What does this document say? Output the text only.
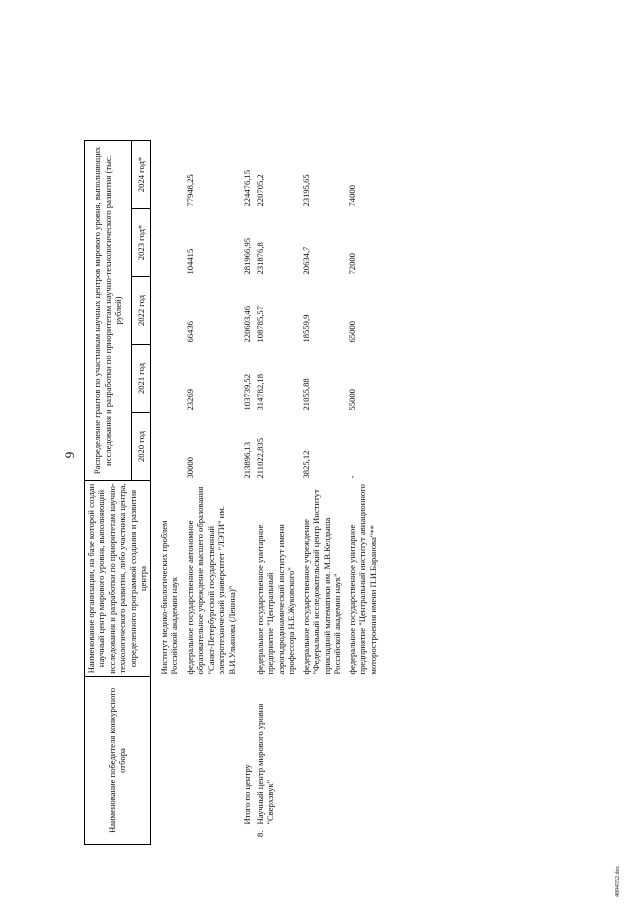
9
4894552.doc
Наименование победителя конкурсного отбора		Наименование организации, на базе которой создан научный центр мирового уровня, выполняющий исследования и разработки по приоритетам научно-технологического развития, либо участника центра, определенного программой создания и развития центра	Распределение грантов по участникам научных центров мирового уровня, выполняющих исследования и разработки по приоритетам научно-технологического развития (тыс. рублей)				
			2020 год	2021 год	2022 год	2023 год*	2024 год*
		Институт медико-биологических проблем Российской академии наук					
		федеральное государственное автономное образовательное учреждение высшего образования "Санкт-Петербургский государственный электротехнический университет "ЛЭТИ" им. В.И.Ульянова (Ленина)"	30000	23269	66436	104415	77948,25
	Итого по центру		213896,13	103739,52	220603,46	281966,95	224476,15
8.	Научный центр мирового уровня "Сверхзвук"	федеральное государственное унитарное предприятие "Центральный аэрогидродинамический институт имени профессора Н.Е.Жуковского"	211022,835	314782,18	108785,57	231876,8	220705,2
		федеральное государственное учреждение "Федеральный исследовательский центр Институт прикладной математики им. М.В.Келдыша Российской академии наук"	3825,12	21055,88	18559,9	20634,7	23195,65
		федеральное государственное унитарное предприятие "Центральный институт авиационного моторостроения имени П.И.Баранова"**	-	55000	65000	72000	74000
